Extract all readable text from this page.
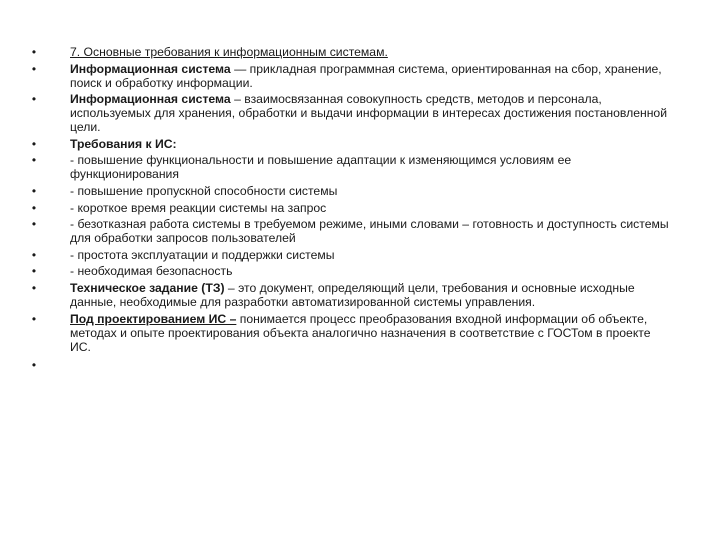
•	7. Основные требования к информационным системам.
•	Информационная система — прикладная программная система, ориентированная на сбор, хранение, поиск и обработку информации.
•	Информационная система – взаимосвязанная совокупность средств, методов и персонала, используемых для хранения, обработки и выдачи информации в интересах достижения постановленной цели.
•	Требования к ИС:
•	- повышение функциональности и повышение адаптации к изменяющимся условиям ее функционирования
•	- повышение пропускной способности системы
•	- короткое время реакции системы на запрос
•	- безотказная работа системы в требуемом режиме, иными словами – готовность и доступность системы для обработки запросов пользователей
•	- простота эксплуатации и поддержки системы
•	- необходимая безопасность
•	Техническое задание (ТЗ) – это документ, определяющий цели, требования и основные исходные данные, необходимые для разработки автоматизированной системы управления.
•	Под проектированием ИС – понимается процесс преобразования входной информации об объекте, методах и опыте проектирования объекта аналогично назначения в соответствие с ГОСТом в проекте ИС.
•
